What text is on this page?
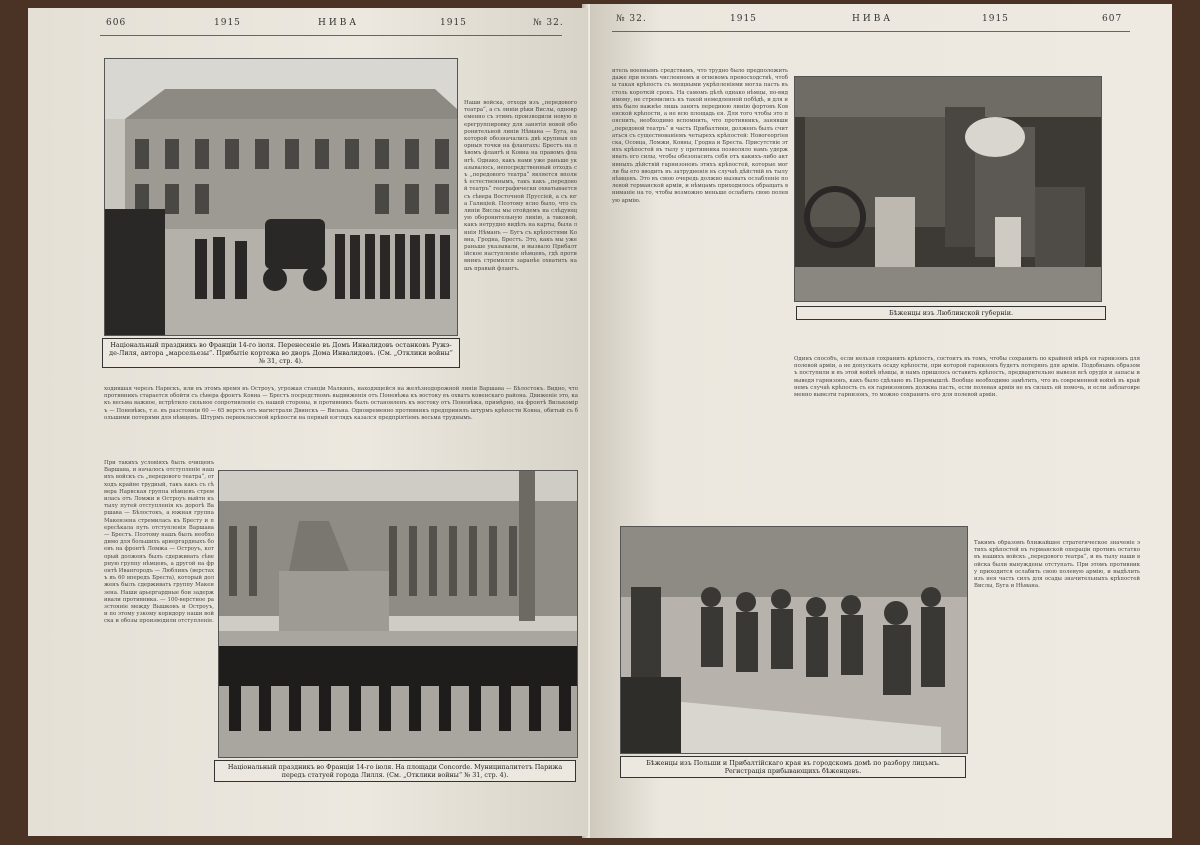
606	1915	НИВА	1915	№ 32.
Національный праздникъ во Франціи 14-го іюля. Перенесеніе въ Домъ Инвалидовъ останковъ Ружэ-де-Лиля, автора „марсельезы“. Прибытіе кортежа во дворъ Дома Инвалидовъ. (См. „Отклики войны“ № 31, стр. 4).
Наши войска, отходя изъ „передового театра“, а съ линіи рѣки Вислы, одновременно съ этимъ производили новую перегруппировку для занятія новой оборонительной линіи Нѣмана — Буга, на которой обозначались двѣ крупныя опорныя точки на флангахъ: Брестъ на лѣвомъ флангѣ и Ковна на правомъ флангѣ. Однако, какъ нами уже раньше указывалось, непосредственный отходъ съ „передового театра“ является вполнѣ естественнымъ, такъ какъ „передовой театръ“ географически охватывается съ сѣвера Восточной Пруссіей, а съ юга Галиціей. Поэтому ясно было, что съ линіи Вислы мы отойдемъ на слѣдующую оборонительную линію, а таковой, какъ нетрудно видѣть на карты, была линія Нѣманъ — Бугъ съ крѣпостями Ковна, Гродна, Брестъ. Это, какъ мы уже раньше указывали, и вызвало Прибалтійское наступленіе нѣмцевъ, гдѣ противникъ стремился заранѣе охватить нашъ правый флангъ.
ходившая черезъ Нарвскъ, или въ этомъ время въ Остроуъ, угрожая станціи Малкинъ, находящейся на желѣзнодорожной линіи Варшава — Бѣлостокъ. Видно, что противникъ старается обойти съ сѣвера фронтъ Ковна — Брестъ посредствомъ выдвиженія отъ Поневѣжа къ востоку въ охватъ ковенскаго района. Движеніе это, какъ весьма важное, встрѣтило сильное сопротивленіе съ нашей стороны, и противникъ былъ остановленъ къ востоку отъ Поневѣжа, примѣрно, на фронтѣ Вилькоміръ — Поневѣжъ, т.е. въ разстояніи 60 — 65 верстъ отъ магистрали Двинскъ — Вильна. Одновременно противникъ предпринялъ штурмъ крѣпости Ковна, обитый съ большими потерями для нѣмцевъ. Штурмъ первоклассной крѣпости на первый взглядъ казался предпріятіемъ весьма труднымъ.
При такихъ условіяхъ былъ очищенъ Варшава, и началось отступленіе нашихъ войскъ съ „передового театра“, отходъ крайне трудный, такъ какъ съ сѣвера Нарвская группа нѣмцевъ стремилась отъ Ломжи и Остроуъ выйти къ тылу путей отступленія къ дорогѣ Варшава — Бѣлостокъ, а южная группа Макензена стремилась къ Бресту и пересѣкала путь отступленія Варшава — Брестъ. Поэтому нашъ былъ необходимо для большихъ ариергардныхъ боевъ на фронтѣ Ломжа — Остроуъ, который долженъ былъ сдерживать сѣверную группу нѣмцевъ, а другой на фронтѣ Ивангородъ — Люблинъ (верстахъ въ 60 впередъ Бреста), который долженъ былъ сдерживать группу Макензена. Наши арьергардные бои задерживали противника. — 100-верстное разстояніе между Вышковъ и Остроуъ, и по этому узкому коридору наши войска и обозы производили отступленіе.
Національный праздникъ во Франціи 14-го іюля. На площади Concorde. Муниципалитетъ Парижа передъ статуей города Лилля. (См. „Отклики войны“ № 31, стр. 4).
№ 32.	1915	НИВА	1915	607
итель военнымъ средствамъ, что трудно было предположить даже при всемъ численномъ и огневомъ превосходствѣ, чтобы такая крѣпость съ мощными укрѣпленіями могла пасть въ столь короткій срокъ. На самомъ дѣлѣ однако нѣмцы, по-видимому, не стремились къ такой немедленной побѣдѣ, и для нихъ было важнѣе лишь занять переднюю линію фортовъ Ковенской крѣпости, а не всю площадь ея. Для того чтобы это пояснить, необходимо вспомнить, что противникъ, занявши „передовой театръ“ и часть Прибалтики, долженъ былъ считаться съ существованіемъ четырехъ крѣпостей: Новогеоргіевска, Осовца, Ломжи, Ковны, Гродна и Бреста. Присутствіе этихъ крѣпостей въ тылу у противника позволяло намъ удерживать его силы, чтобы обезопасить себя отъ какихъ-либо активныхъ дѣйствій гарнизоновъ этихъ крѣпостей, которые могли бы его вводить въ затрудненія въ случаѣ дѣйствій въ тылу нѣмцевъ. Это въ свою очередь должно вызвать ослабленіе полевой германской арміи, и нѣмцамъ приходилось обращать вниманіе на то, чтобы возможно меньше ослабить свою полевую армію.
Бѣженцы изъ Люблинской губерніи.
Одинъ способъ, если нельзя сохранить крѣпость, состоитъ въ томъ, чтобы сохранить по крайней мѣрѣ ея гарнизонъ для полевой арміи, а не допускать осаду крѣпости, при которой гарнизонъ будетъ потерянъ для арміи. Подобнымъ образомъ поступили и въ этой войнѣ нѣмцы, и намъ пришлось оставить крѣпость, предварительно вывезя всѣ орудія и запасы и выведя гарнизонъ, какъ было сдѣлано въ Перемышлѣ. Вообще необходимо замѣтить, что въ современной войнѣ въ крайнемъ случаѣ крѣпость съ ея гарнизономъ должна пасть, если полевая армія не въ силахъ ей помочь, и если заблаговременно вывезти гарнизонъ, то можно сохранить его для полевой арміи.
Бѣженцы изъ Польши и Прибалтійскаго края въ городскомъ домѣ по разбору лицъмъ. Регистрація прибывающихъ бѣженцевъ.
Такимъ образомъ ближайшее стратегическое значеніе этихъ крѣпостей въ германской операціи противъ остатковъ нашихъ войскъ „передового театра“, и въ тылу наши войска были вынуждены отступать. При этомъ противнику приходится ослабить свою полевую армію, и выдѣлить изъ нея часть силъ для осады значительныхъ крѣпостей Вислы, Буга и Нѣмана.
